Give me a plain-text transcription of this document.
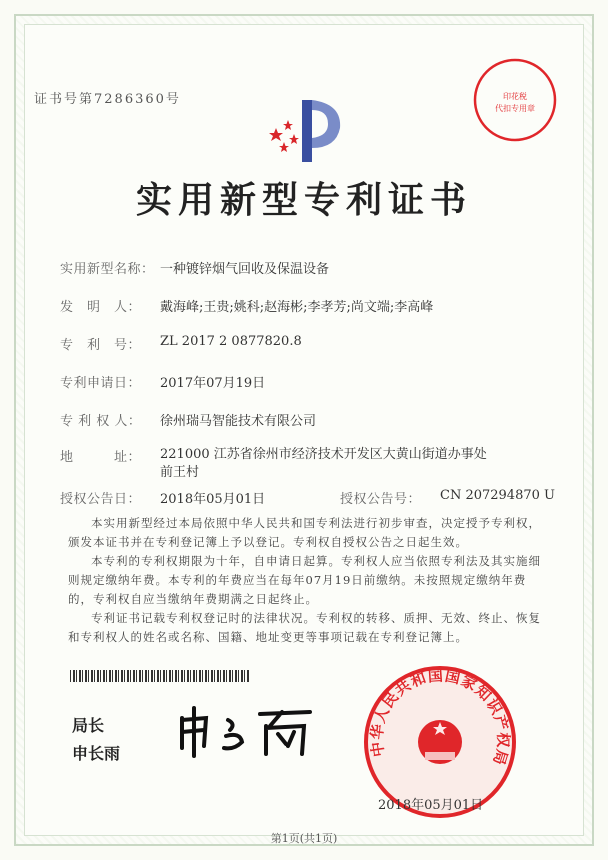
证书号第7286360号	印花税
代扣专用章
实用新型专利证书
实用新型名称： 一种镀锌烟气回收及保温设备
发　明　人：	戴海峰;王贵;姚科;赵海彬;李孝芳;尚文端;李高峰
专　利　号：	ZL 2017 2 0877820.8
专利申请日：	2017年07月19日
专 利 权 人：	徐州瑞马智能技术有限公司
地　　　址：	221000 江苏省徐州市经济技术开发区大黄山街道办事处前王村
授权公告日：	2018年05月01日	授权公告号：	CN 207294870 U

本实用新型经过本局依照中华人民共和国专利法进行初步审查，决定授予专利权，颁发本证书并在专利登记簿上予以登记。专利权自授权公告之日起生效。

本专利的专利权期限为十年，自申请日起算。专利权人应当依照专利法及其实施细则规定缴纳年费。本专利的年费应当在每年07月19日前缴纳。未按照规定缴纳年费的，专利权自应当缴纳年费期满之日起终止。

专利证书记载专利权登记时的法律状况。专利权的转移、质押、无效、终止、恢复和专利权人的姓名或名称、国籍、地址变更等事项记载在专利登记簿上。

局长
申长雨	中华人民共和国国家知识产权局
2018年05月01日
第1页(共1页)
